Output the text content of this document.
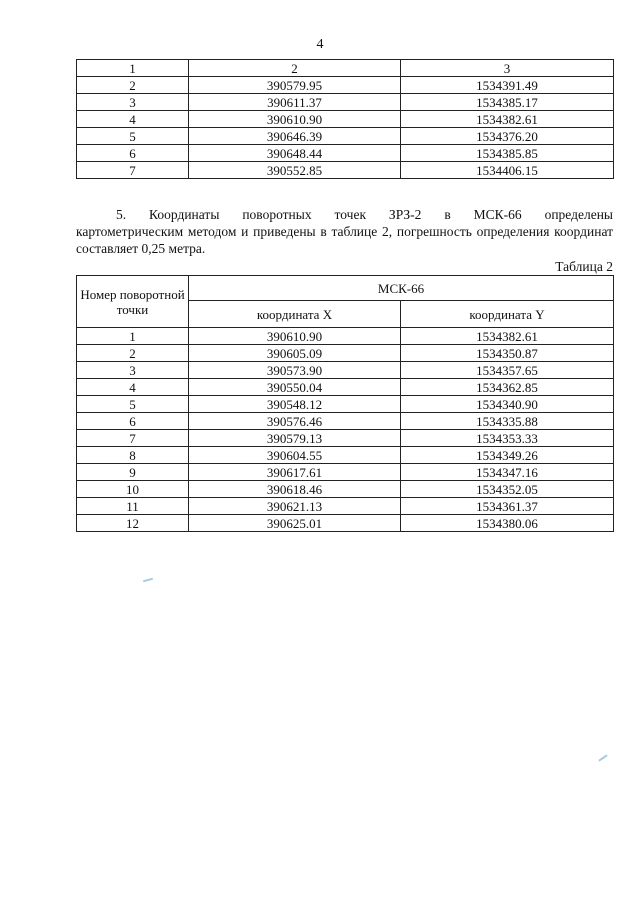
4
1	2	3
2	390579.95	1534391.49
3	390611.37	1534385.17
4	390610.90	1534382.61
5	390646.39	1534376.20
6	390648.44	1534385.85
7	390552.85	1534406.15
5. Координаты поворотных точек ЗРЗ-2 в МСК-66 определены
картометрическим методом и приведены в таблице 2, погрешность определения координат составляет 0,25 метра.
Таблица 2
Номер поворотной точки	МСК-66	
	координата X	координата Y
1	390610.90	1534382.61
2	390605.09	1534350.87
3	390573.90	1534357.65
4	390550.04	1534362.85
5	390548.12	1534340.90
6	390576.46	1534335.88
7	390579.13	1534353.33
8	390604.55	1534349.26
9	390617.61	1534347.16
10	390618.46	1534352.05
11	390621.13	1534361.37
12	390625.01	1534380.06
